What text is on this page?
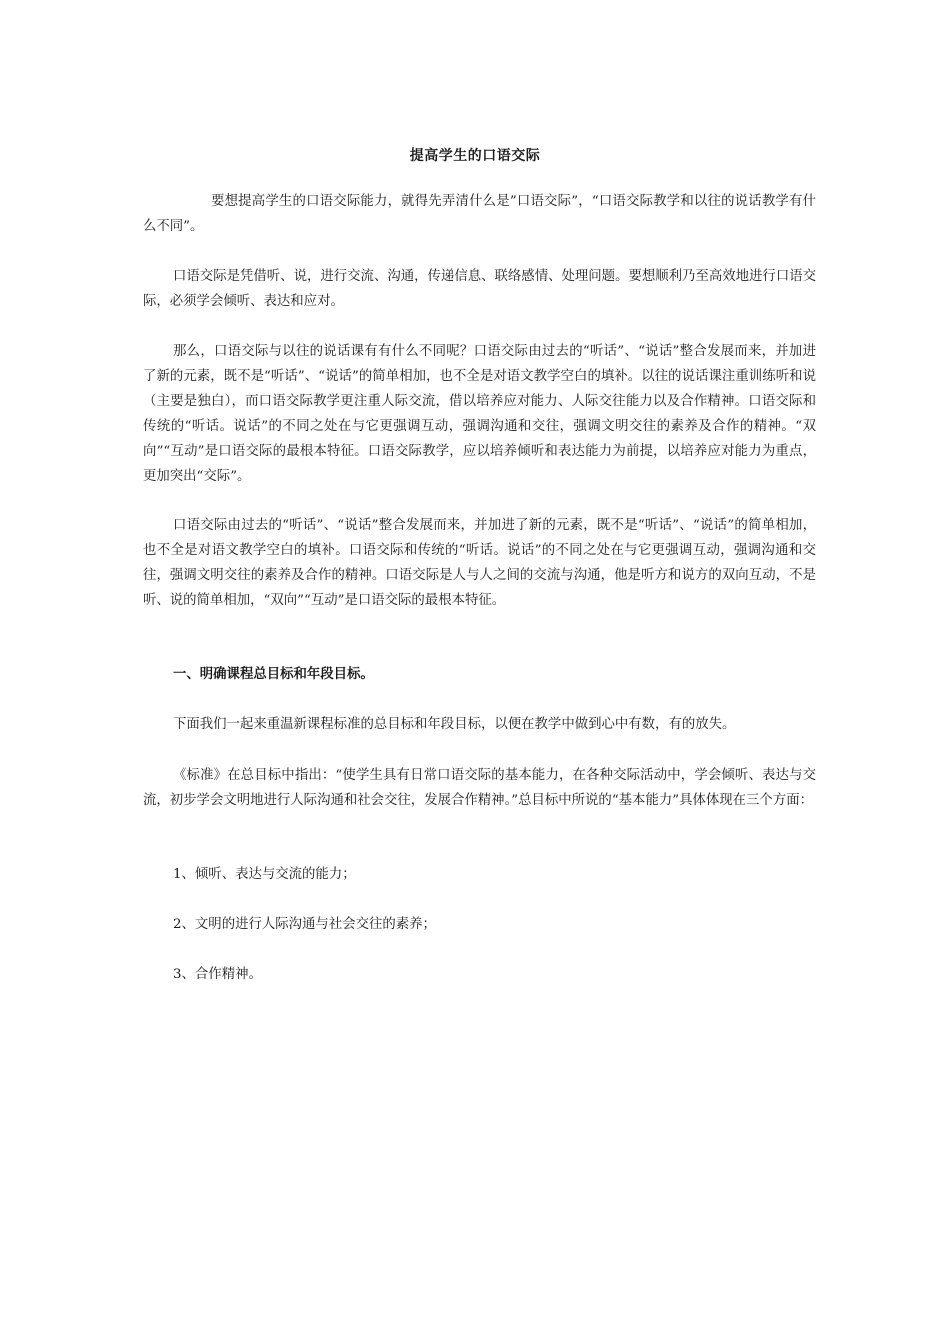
提高学生的口语交际

要想提高学生的口语交际能力，就得先弄清什么是”口语交际”，“口语交际教学和以往的说话教学有什么不同”。

口语交际是凭借听、说，进行交流、沟通，传递信息、联络感情、处理问题。要想顺利乃至高效地进行口语交际，必须学会倾听、表达和应对。

那么，口语交际与以往的说话课有有什么不同呢？口语交际由过去的“听话”、“说话”整合发展而来，并加进了新的元素，既不是“听话”、“说话”的简单相加，也不全是对语文教学空白的填补。以往的说话课注重训练听和说（主要是独白），而口语交际教学更注重人际交流，借以培养应对能力、人际交往能力以及合作精神。口语交际和传统的“听话。说话”的不同之处在与它更强调互动，强调沟通和交往，强调文明交往的素养及合作的精神。“双向”“互动”是口语交际的最根本特征。口语交际教学，应以培养倾听和表达能力为前提，以培养应对能力为重点，更加突出“交际”。

口语交际由过去的“听话”、“说话”整合发展而来，并加进了新的元素，既不是“听话”、“说话”的简单相加，也不全是对语文教学空白的填补。口语交际和传统的“听话。说话”的不同之处在与它更强调互动，强调沟通和交往，强调文明交往的素养及合作的精神。口语交际是人与人之间的交流与沟通，他是听方和说方的双向互动，不是听、说的简单相加，“双向”“互动”是口语交际的最根本特征。

一、明确课程总目标和年段目标。

下面我们一起来重温新课程标准的总目标和年段目标，以便在教学中做到心中有数，有的放失。

《标准》在总目标中指出：“使学生具有日常口语交际的基本能力，在各种交际活动中，学会倾听、表达与交流，初步学会文明地进行人际沟通和社会交往，发展合作精神。”总目标中所说的“基本能力”具体体现在三个方面：

1、倾听、表达与交流的能力；

2、文明的进行人际沟通与社会交往的素养；

3、合作精神。
